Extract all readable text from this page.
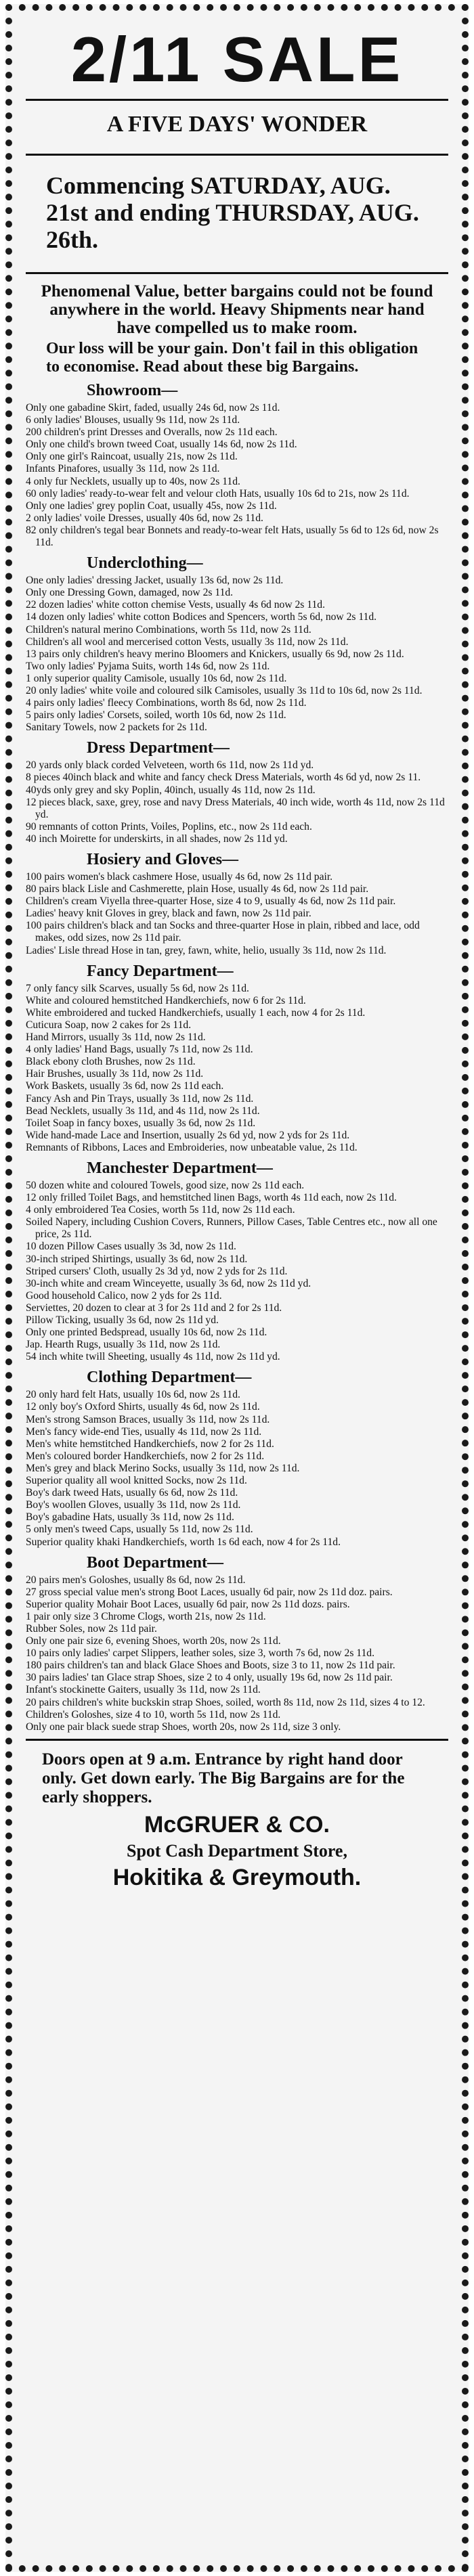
2/11 SALE
A FIVE DAYS' WONDER

Commencing SATURDAY, AUG. 21st and ending THURSDAY, AUG. 26th.

Phenomenal Value, better bargains could not be found anywhere in the world. Heavy Shipments near hand have compelled us to make room.

Our loss will be your gain. Don't fail in this obligation to economise. Read about these big Bargains.

Showroom—
Only one gabadine Skirt, faded, usually 24s 6d, now 2s 11d.
6 only ladies' Blouses, usually 9s 11d, now 2s 11d.
200 children's print Dresses and Overalls, now 2s 11d each.
Only one child's brown tweed Coat, usually 14s 6d, now 2s 11d.
Only one girl's Raincoat, usually 21s, now 2s 11d.
Infants Pinafores, usually 3s 11d, now 2s 11d.
4 only fur Necklets, usually up to 40s, now 2s 11d.
60 only ladies' ready-to-wear felt and velour cloth Hats, usually 10s 6d to 21s, now 2s 11d.
Only one ladies' grey poplin Coat, usually 45s, now 2s 11d.
2 only ladies' voile Dresses, usually 40s 6d, now 2s 11d.
82 only children's tegal bear Bonnets and ready-to-wear felt Hats, usually 5s 6d to 12s 6d, now 2s 11d.
Underclothing—
One only ladies' dressing Jacket, usually 13s 6d, now 2s 11d.
Only one Dressing Gown, damaged, now 2s 11d.
22 dozen ladies' white cotton chemise Vests, usually 4s 6d now 2s 11d.
14 dozen only ladies' white cotton Bodices and Spencers, worth 5s 6d, now 2s 11d.
Children's natural merino Combinations, worth 5s 11d, now 2s 11d.
Children's all wool and mercerised cotton Vests, usually 3s 11d, now 2s 11d.
13 pairs only children's heavy merino Bloomers and Knickers, usually 6s 9d, now 2s 11d.
Two only ladies' Pyjama Suits, worth 14s 6d, now 2s 11d.
1 only superior quality Camisole, usually 10s 6d, now 2s 11d.
20 only ladies' white voile and coloured silk Camisoles, usually 3s 11d to 10s 6d, now 2s 11d.
4 pairs only ladies' fleecy Combinations, worth 8s 6d, now 2s 11d.
5 pairs only ladies' Corsets, soiled, worth 10s 6d, now 2s 11d.
Sanitary Towels, now 2 packets for 2s 11d.
Dress Department—
20 yards only black corded Velveteen, worth 6s 11d, now 2s 11d yd.
8 pieces 40inch black and white and fancy check Dress Materials, worth 4s 6d yd, now 2s 11.
40yds only grey and sky Poplin, 40inch, usually 4s 11d, now 2s 11d.
12 pieces black, saxe, grey, rose and navy Dress Materials, 40 inch wide, worth 4s 11d, now 2s 11d yd.
90 remnants of cotton Prints, Voiles, Poplins, etc., now 2s 11d each.
40 inch Moirette for underskirts, in all shades, now 2s 11d yd.
Hosiery and Gloves—
100 pairs women's black cashmere Hose, usually 4s 6d, now 2s 11d pair.
80 pairs black Lisle and Cashmerette, plain Hose, usually 4s 6d, now 2s 11d pair.
Children's cream Viyella three-quarter Hose, size 4 to 9, usually 4s 6d, now 2s 11d pair.
Ladies' heavy knit Gloves in grey, black and fawn, now 2s 11d pair.
100 pairs children's black and tan Socks and three-quarter Hose in plain, ribbed and lace, odd makes, odd sizes, now 2s 11d pair.
Ladies' Lisle thread Hose in tan, grey, fawn, white, helio, usually 3s 11d, now 2s 11d.
Fancy Department—
7 only fancy silk Scarves, usually 5s 6d, now 2s 11d.
White and coloured hemstitched Handkerchiefs, now 6 for 2s 11d.
White embroidered and tucked Handkerchiefs, usually 1 each, now 4 for 2s 11d.
Cuticura Soap, now 2 cakes for 2s 11d.
Hand Mirrors, usually 3s 11d, now 2s 11d.
4 only ladies' Hand Bags, usually 7s 11d, now 2s 11d.
Black ebony cloth Brushes, now 2s 11d.
Hair Brushes, usually 3s 11d, now 2s 11d.
Work Baskets, usually 3s 6d, now 2s 11d each.
Fancy Ash and Pin Trays, usually 3s 11d, now 2s 11d.
Bead Necklets, usually 3s 11d, and 4s 11d, now 2s 11d.
Toilet Soap in fancy boxes, usually 3s 6d, now 2s 11d.
Wide hand-made Lace and Insertion, usually 2s 6d yd, now 2 yds for 2s 11d.
Remnants of Ribbons, Laces and Embroideries, now unbeatable value, 2s 11d.
Manchester Department—
50 dozen white and coloured Towels, good size, now 2s 11d each.
12 only frilled Toilet Bags, and hemstitched linen Bags, worth 4s 11d each, now 2s 11d.
4 only embroidered Tea Cosies, worth 5s 11d, now 2s 11d each.
Soiled Napery, including Cushion Covers, Runners, Pillow Cases, Table Centres etc., now all one price, 2s 11d.
10 dozen Pillow Cases usually 3s 3d, now 2s 11d.
30-inch striped Shirtings, usually 3s 6d, now 2s 11d.
Striped cursers' Cloth, usually 2s 3d yd, now 2 yds for 2s 11d.
30-inch white and cream Winceyette, usually 3s 6d, now 2s 11d yd.
Good household Calico, now 2 yds for 2s 11d.
Serviettes, 20 dozen to clear at 3 for 2s 11d and 2 for 2s 11d.
Pillow Ticking, usually 3s 6d, now 2s 11d yd.
Only one printed Bedspread, usually 10s 6d, now 2s 11d.
Jap. Hearth Rugs, usually 3s 11d, now 2s 11d.
54 inch white twill Sheeting, usually 4s 11d, now 2s 11d yd.
Clothing Department—
20 only hard felt Hats, usually 10s 6d, now 2s 11d.
12 only boy's Oxford Shirts, usually 4s 6d, now 2s 11d.
Men's strong Samson Braces, usually 3s 11d, now 2s 11d.
Men's fancy wide-end Ties, usually 4s 11d, now 2s 11d.
Men's white hemstitched Handkerchiefs, now 2 for 2s 11d.
Men's coloured border Handkerchiefs, now 2 for 2s 11d.
Men's grey and black Merino Socks, usually 3s 11d, now 2s 11d.
Superior quality all wool knitted Socks, now 2s 11d.
Boy's dark tweed Hats, usually 6s 6d, now 2s 11d.
Boy's woollen Gloves, usually 3s 11d, now 2s 11d.
Boy's gabadine Hats, usually 3s 11d, now 2s 11d.
5 only men's tweed Caps, usually 5s 11d, now 2s 11d.
Superior quality khaki Handkerchiefs, worth 1s 6d each, now 4 for 2s 11d.
Boot Department—
20 pairs men's Goloshes, usually 8s 6d, now 2s 11d.
27 gross special value men's strong Boot Laces, usually 6d pair, now 2s 11d doz. pairs.
Superior quality Mohair Boot Laces, usually 6d pair, now 2s 11d dozs. pairs.
1 pair only size 3 Chrome Clogs, worth 21s, now 2s 11d.
Rubber Soles, now 2s 11d pair.
Only one pair size 6, evening Shoes, worth 20s, now 2s 11d.
10 pairs only ladies' carpet Slippers, leather soles, size 3, worth 7s 6d, now 2s 11d.
180 pairs children's tan and black Glace Shoes and Boots, size 3 to 11, now 2s 11d pair.
30 pairs ladies' tan Glace strap Shoes, size 2 to 4 only, usually 19s 6d, now 2s 11d pair.
Infant's stockinette Gaiters, usually 3s 11d, now 2s 11d.
20 pairs children's white buckskin strap Shoes, soiled, worth 8s 11d, now 2s 11d, sizes 4 to 12.
Children's Goloshes, size 4 to 10, worth 5s 11d, now 2s 11d.
Only one pair black suede strap Shoes, worth 20s, now 2s 11d, size 3 only.

Doors open at 9 a.m. Entrance by right hand door only. Get down early. The Big Bargains are for the early shoppers.

McGRUER & CO.
Spot Cash Department Store,
Hokitika & Greymouth.
